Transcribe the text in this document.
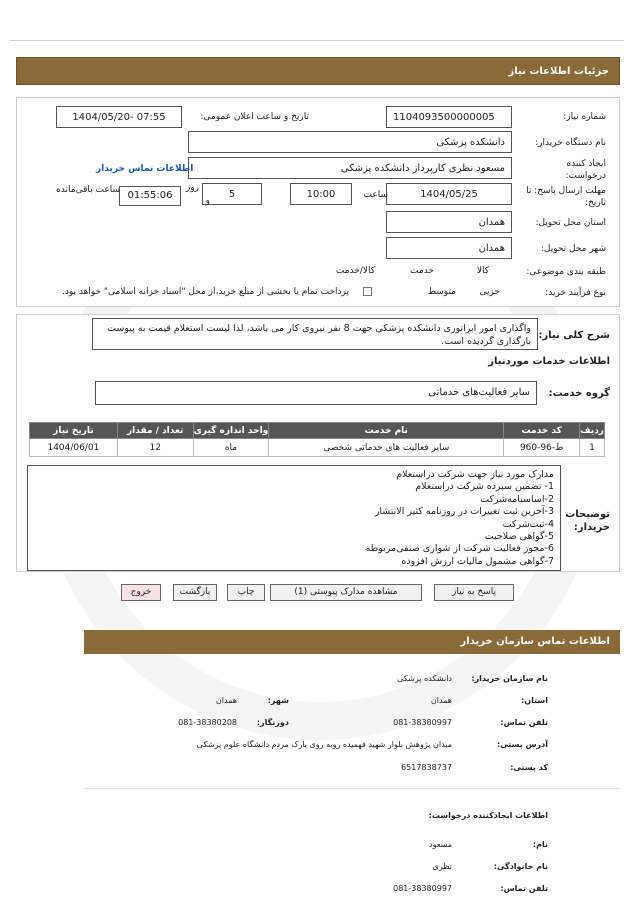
جزئیات اطلاعات نیاز
شماره نیاز:
1104093500000005
تاریخ و ساعت اعلان عمومی:
1404/05/20- 07:55
نام دستگاه خریدار:
دانشکده پزشکی
ایجاد کننده درخواست:
مسعود نظری کارپرداز دانشکده پزشکی
اطلاعات تماس خریدار
مهلت ارسال پاسخ: تا تاریخ:
1404/05/25
ساعت
10:00
5
روز
و
01:55:06
ساعت باقی‌مانده
استان محل تحویل:
همدان
شهر محل تحویل:
همدان
طبقه بندی موضوعی:

کالا

خدمت

کالا/خدمت
نوع فرآیند خرید:

جزیی
متوسط
پرداخت تمام یا بخشی از مبلغ خرید،از محل "اسناد خزانه اسلامی" خواهد بود.
شرح کلی نیاز:
واگذاری امور ابراتوری دانشکده پزشکی جهت 8 نفر نیروی کار می باشد، لذا لیست استعلام قیمت به پیوست بارگذاری گردیده است.
اطلاعات خدمات موردنیاز
گروه خدمت:
سایر فعالیت‌های خدماتی
ردیف	کد خدمت	نام خدمت	واحد اندازه گیری	تعداد / مقدار	تاریخ نیاز
1	ط-96-960	سایر فعالیت های خدماتی شخصی	ماه	12	1404/06/01
توضیحات خریدار:
مدارک مورد نیاز جهت شرکت دراستعلام
1- تضمین سپرده شرکت دراستعلام
2-اساسنامه‌شرکت
3-آخرین ثبت تغییرات در روزنامه کثیر الانتشار
4-ثبت‌شرکت
5-گواهی صلاحیت
6-مجوز فعالیت شرکت از شوارى صنفى‌مربوطه
7-گواهی مشمول مالیات ارزش افزوده
پاسخ به نیاز
مشاهده مدارک پیوستی (1)
چاپ
بازگشت
خروج
اطلاعات تماس سازمان خریدار
نام سازمان خریدار:
دانشکده پزشکی
استان:
همدان
شهر:
همدان
تلفن تماس:
081-38380997
دورنگار:
081-38380208
آدرس پستی:
میدان پژوهش بلوار شهید فهمیده روبه روی پارک مردم دانشگاه علوم پزشکی
کد پستی:
6517838737
اطلاعات ایجادکننده درخواست:
نام:
مسعود
نام خانوادگی:
نظری
تلفن تماس:
081-38380997
